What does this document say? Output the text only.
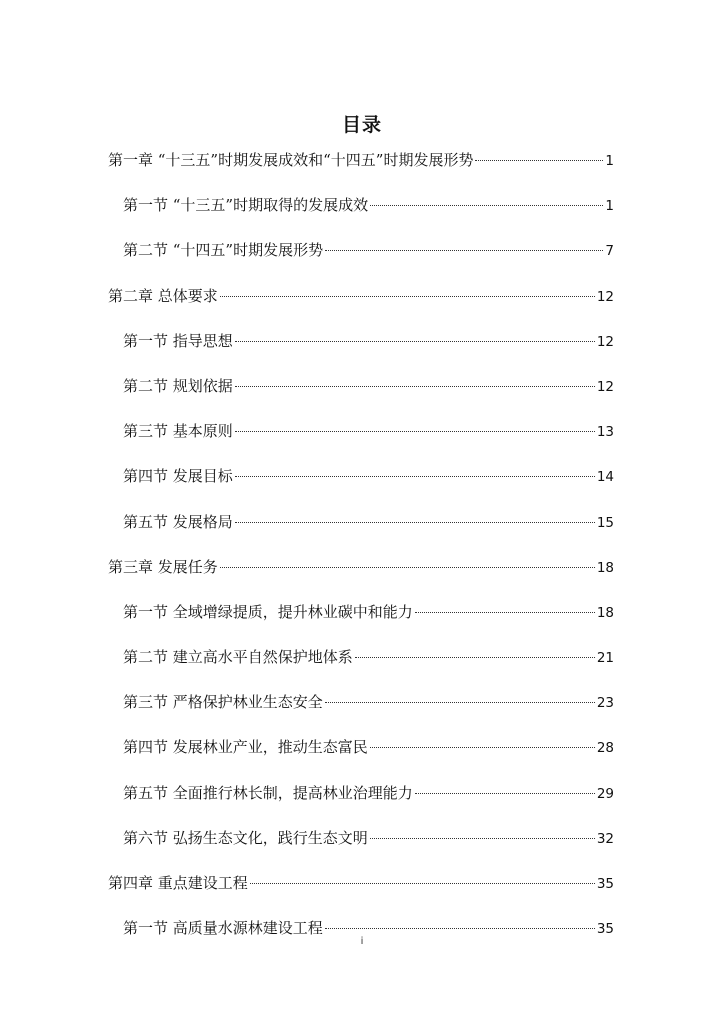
目录
第一章 “十三五”时期发展成效和“十四五”时期发展形势	1
第一节 “十三五”时期取得的发展成效	1
第二节 “十四五”时期发展形势	7
第二章 总体要求	12
第一节 指导思想	12
第二节 规划依据	12
第三节 基本原则	13
第四节 发展目标	14
第五节 发展格局	15
第三章 发展任务	18
第一节 全域增绿提质，提升林业碳中和能力	18
第二节 建立高水平自然保护地体系	21
第三节 严格保护林业生态安全	23
第四节 发展林业产业，推动生态富民	28
第五节 全面推行林长制，提高林业治理能力	29
第六节 弘扬生态文化，践行生态文明	32
第四章 重点建设工程	35
第一节 高质量水源林建设工程	35
i
